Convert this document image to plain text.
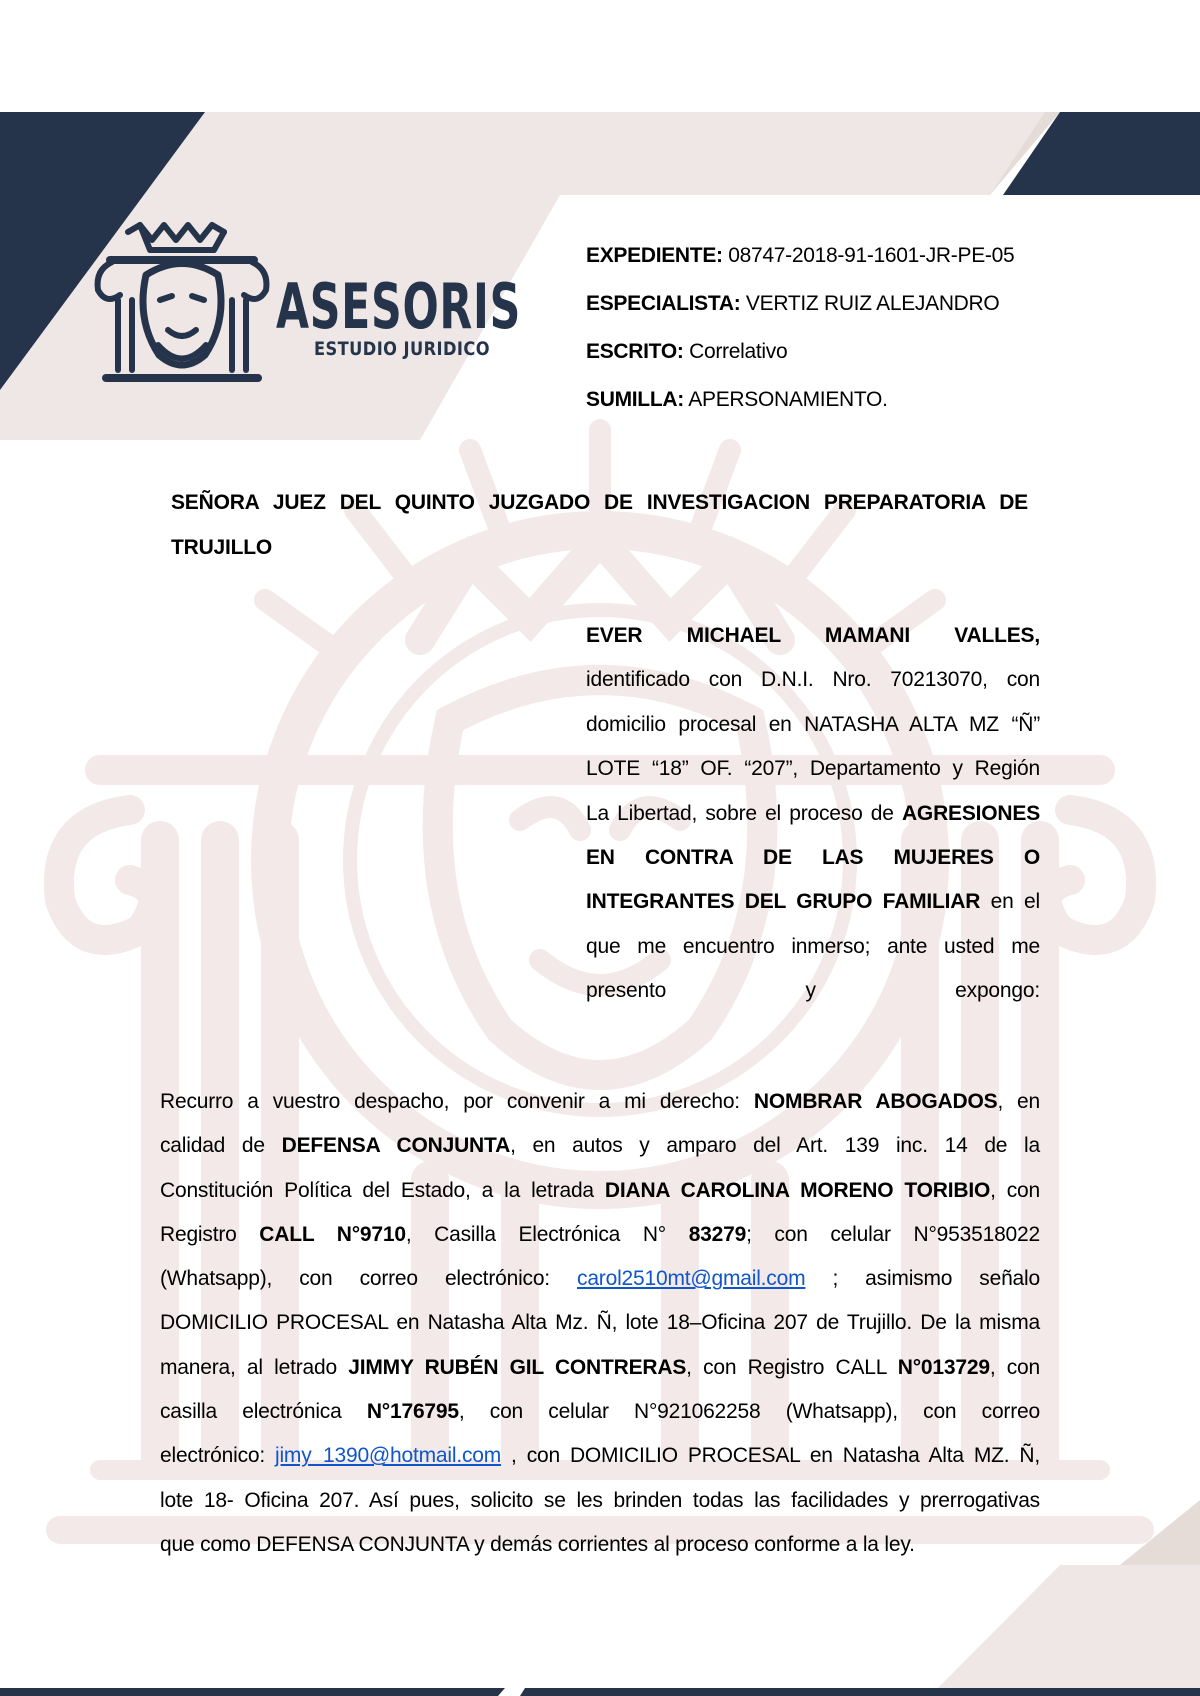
ASESORIS
ESTUDIO JURIDICO
EXPEDIENTE: 08747-2018-91-1601-JR-PE-05
ESPECIALISTA: VERTIZ RUIZ ALEJANDRO
ESCRITO: Correlativo
SUMILLA: APERSONAMIENTO.
SEÑORA JUEZ DEL QUINTO JUZGADO DE INVESTIGACION PREPARATORIA DE
TRUJILLO
EVER MICHAEL MAMANI VALLES,
identificado con D.N.I. Nro. 70213070, con
domicilio procesal en NATASHA ALTA MZ “Ñ”
LOTE “18” OF. “207”, Departamento y Región
La Libertad, sobre el proceso de AGRESIONES
EN CONTRA DE LAS MUJERES O
INTEGRANTES DEL GRUPO FAMILIAR en el
que me encuentro inmerso; ante usted me
presento y expongo:
Recurro a vuestro despacho, por convenir a mi derecho: NOMBRAR ABOGADOS, en
calidad de DEFENSA CONJUNTA, en autos y amparo del Art. 139 inc. 14 de la
Constitución Política del Estado, a la letrada DIANA CAROLINA MORENO TORIBIO, con
Registro CALL N°9710, Casilla Electrónica N° 83279; con celular N°953518022
(Whatsapp), con correo electrónico: carol2510mt@gmail.com ; asimismo señalo
DOMICILIO PROCESAL en Natasha Alta Mz. Ñ, lote 18–Oficina 207 de Trujillo. De la misma
manera, al letrado JIMMY RUBÉN GIL CONTRERAS, con Registro CALL N°013729, con
casilla electrónica N°176795, con celular N°921062258 (Whatsapp), con correo
electrónico: jimy_1390@hotmail.com , con DOMICILIO PROCESAL en Natasha Alta MZ. Ñ,
lote 18- Oficina 207. Así pues, solicito se les brinden todas las facilidades y prerrogativas
que como DEFENSA CONJUNTA y demás corrientes al proceso conforme a la ley.
